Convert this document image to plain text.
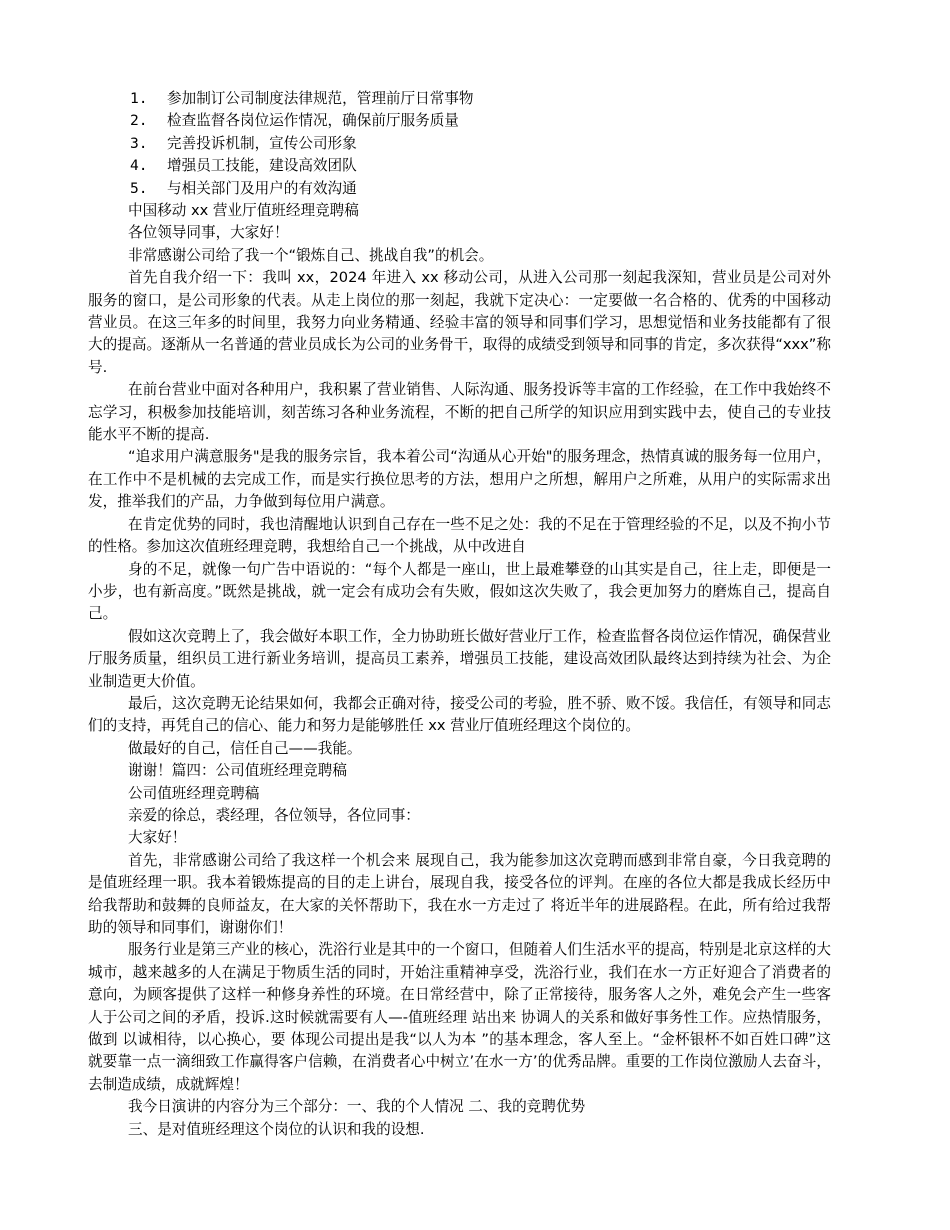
1. 参加制订公司制度法律规范，管理前厅日常事物
2. 检查监督各岗位运作情况，确保前厅服务质量
3. 完善投诉机制，宣传公司形象
4. 增强员工技能，建设高效团队
5. 与相关部门及用户的有效沟通
中国移动 xx 营业厅值班经理竞聘稿
各位领导同事，大家好！
非常感谢公司给了我一个“锻炼自己、挑战自我”的机会。
首先自我介绍一下：我叫 xx，2024 年进入 xx 移动公司，从进入公司那一刻起我深知，营业员是公司对外服务的窗口，是公司形象的代表。从走上岗位的那一刻起，我就下定决心：一定要做一名合格的、优秀的中国移动营业员。在这三年多的时间里，我努力向业务精通、经验丰富的领导和同事们学习，思想觉悟和业务技能都有了很大的提高。逐渐从一名普通的营业员成长为公司的业务骨干，取得的成绩受到领导和同事的肯定，多次获得“xxx”称号.
在前台营业中面对各种用户，我积累了营业销售、人际沟通、服务投诉等丰富的工作经验，在工作中我始终不忘学习，积极参加技能培训，刻苦练习各种业务流程，不断的把自己所学的知识应用到实践中去，使自己的专业技能水平不断的提高.
“追求用户满意服务"是我的服务宗旨，我本着公司“沟通从心开始"的服务理念，热情真诚的服务每一位用户，在工作中不是机械的去完成工作，而是实行换位思考的方法，想用户之所想，解用户之所难，从用户的实际需求出发，推举我们的产品，力争做到每位用户满意。
在肯定优势的同时，我也清醒地认识到自己存在一些不足之处：我的不足在于管理经验的不足，以及不拘小节的性格。参加这次值班经理竞聘，我想给自己一个挑战，从中改进自
身的不足，就像一句广告中语说的：“每个人都是一座山，世上最难攀登的山其实是自己，往上走，即便是一小步，也有新高度。”既然是挑战，就一定会有成功会有失败，假如这次失败了，我会更加努力的磨炼自己，提高自己。
假如这次竞聘上了，我会做好本职工作，全力协助班长做好营业厅工作，检查监督各岗位运作情况，确保营业厅服务质量，组织员工进行新业务培训，提高员工素养，增强员工技能，建设高效团队最终达到持续为社会、为企业制造更大价值。
最后，这次竞聘无论结果如何，我都会正确对待，接受公司的考验，胜不骄、败不馁。我信任，有领导和同志们的支持，再凭自己的信心、能力和努力是能够胜任 xx 营业厅值班经理这个岗位的。
做最好的自己，信任自己——我能。
谢谢！篇四：公司值班经理竞聘稿
公司值班经理竞聘稿
亲爱的徐总，裘经理，各位领导，各位同事：
大家好！
首先，非常感谢公司给了我这样一个机会来 展现自己，我为能参加这次竞聘而感到非常自豪，今日我竞聘的是值班经理一职。我本着锻炼提高的目的走上讲台，展现自我，接受各位的评判。在座的各位大都是我成长经历中给我帮助和鼓舞的良师益友，在大家的关怀帮助下，我在水一方走过了 将近半年的进展路程。在此，所有给过我帮助的领导和同事们，谢谢你们！
服务行业是第三产业的核心，洗浴行业是其中的一个窗口，但随着人们生活水平的提高，特别是北京这样的大城市，越来越多的人在满足于物质生活的同时，开始注重精神享受，洗浴行业，我们在水一方正好迎合了消费者的意向，为顾客提供了这样一种修身养性的环境。在日常经营中，除了正常接待，服务客人之外，难免会产生一些客人于公司之间的矛盾，投诉.这时候就需要有人—-值班经理 站出来 协调人的关系和做好事务性工作。应热情服务，做到 以诚相待，以心换心，要 体现公司提出是我“以人为本 ”的基本理念，客人至上。“金杯银杯不如百姓口碑”这就要靠一点一滴细致工作赢得客户信赖，在消费者心中树立’在水一方’的优秀品牌。重要的工作岗位激励人去奋斗，去制造成绩，成就辉煌！
我今日演讲的内容分为三个部分：一、我的个人情况 二、我的竞聘优势
三、是对值班经理这个岗位的认识和我的设想.
